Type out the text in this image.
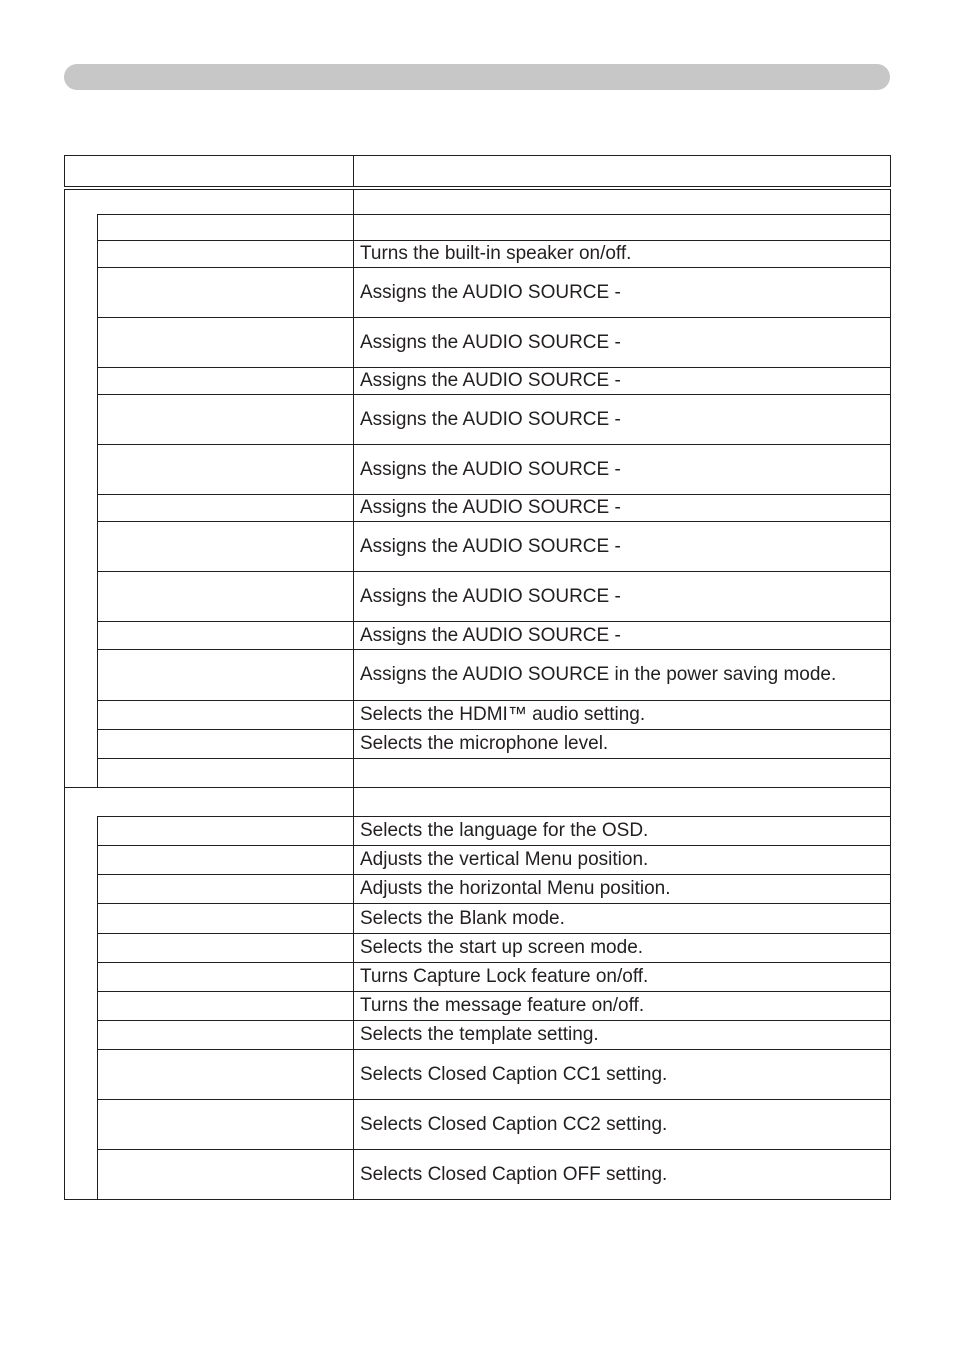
		Turns the built-in speaker on/off.
		Assigns the AUDIO SOURCE -
		Assigns the AUDIO SOURCE -
		Assigns the AUDIO SOURCE -
		Assigns the AUDIO SOURCE -
		Assigns the AUDIO SOURCE -
		Assigns the AUDIO SOURCE -
		Assigns the AUDIO SOURCE -
		Assigns the AUDIO SOURCE -
		Assigns the AUDIO SOURCE -
		Assigns the AUDIO SOURCE in the power saving mode.
		Selects the HDMI™ audio setting.
		Selects the microphone level.

		Selects the language for the OSD.
		Adjusts the vertical Menu position.
		Adjusts the horizontal Menu position.
		Selects the Blank mode.
		Selects the start up screen mode.
		Turns Capture Lock feature on/off.
		Turns the message feature on/off.
		Selects the template setting.
		Selects Closed Caption CC1 setting.
		Selects Closed Caption CC2 setting.
		Selects Closed Caption OFF setting.
